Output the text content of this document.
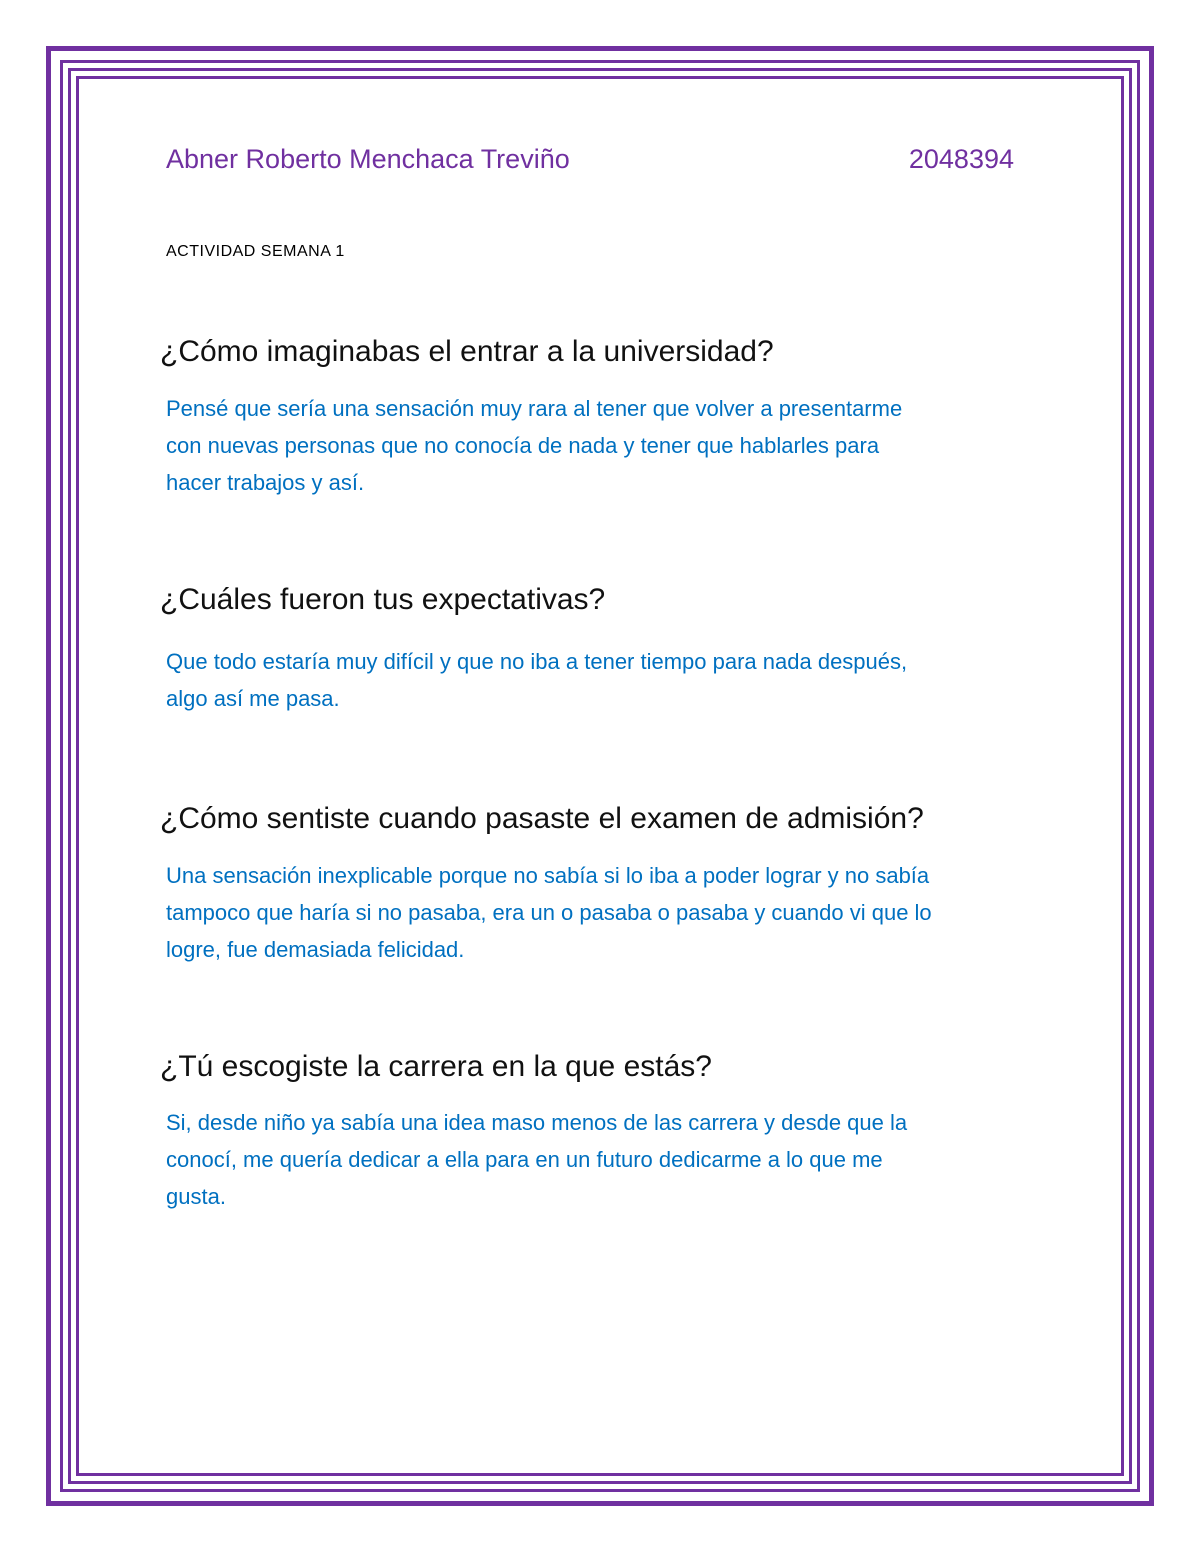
Abner Roberto Menchaca Treviño	2048394
ACTIVIDAD SEMANA 1
¿Cómo imaginabas el entrar a la universidad?
Pensé que sería una sensación muy rara al tener que volver a presentarme
con nuevas personas que no conocía de nada y tener que hablarles para
hacer trabajos y así.
¿Cuáles fueron tus expectativas?
Que todo estaría muy difícil y que no iba a tener tiempo para nada después,
algo así me pasa.
¿Cómo sentiste cuando pasaste el examen de admisión?
Una sensación inexplicable porque no sabía si lo iba a poder lograr y no sabía
tampoco que haría si no pasaba, era un o pasaba o pasaba y cuando vi que lo
logre, fue demasiada felicidad.
¿Tú escogiste la carrera en la que estás?
Si, desde niño ya sabía una idea maso menos de las carrera y desde que la
conocí, me quería dedicar a ella para en un futuro dedicarme a lo que me
gusta.
